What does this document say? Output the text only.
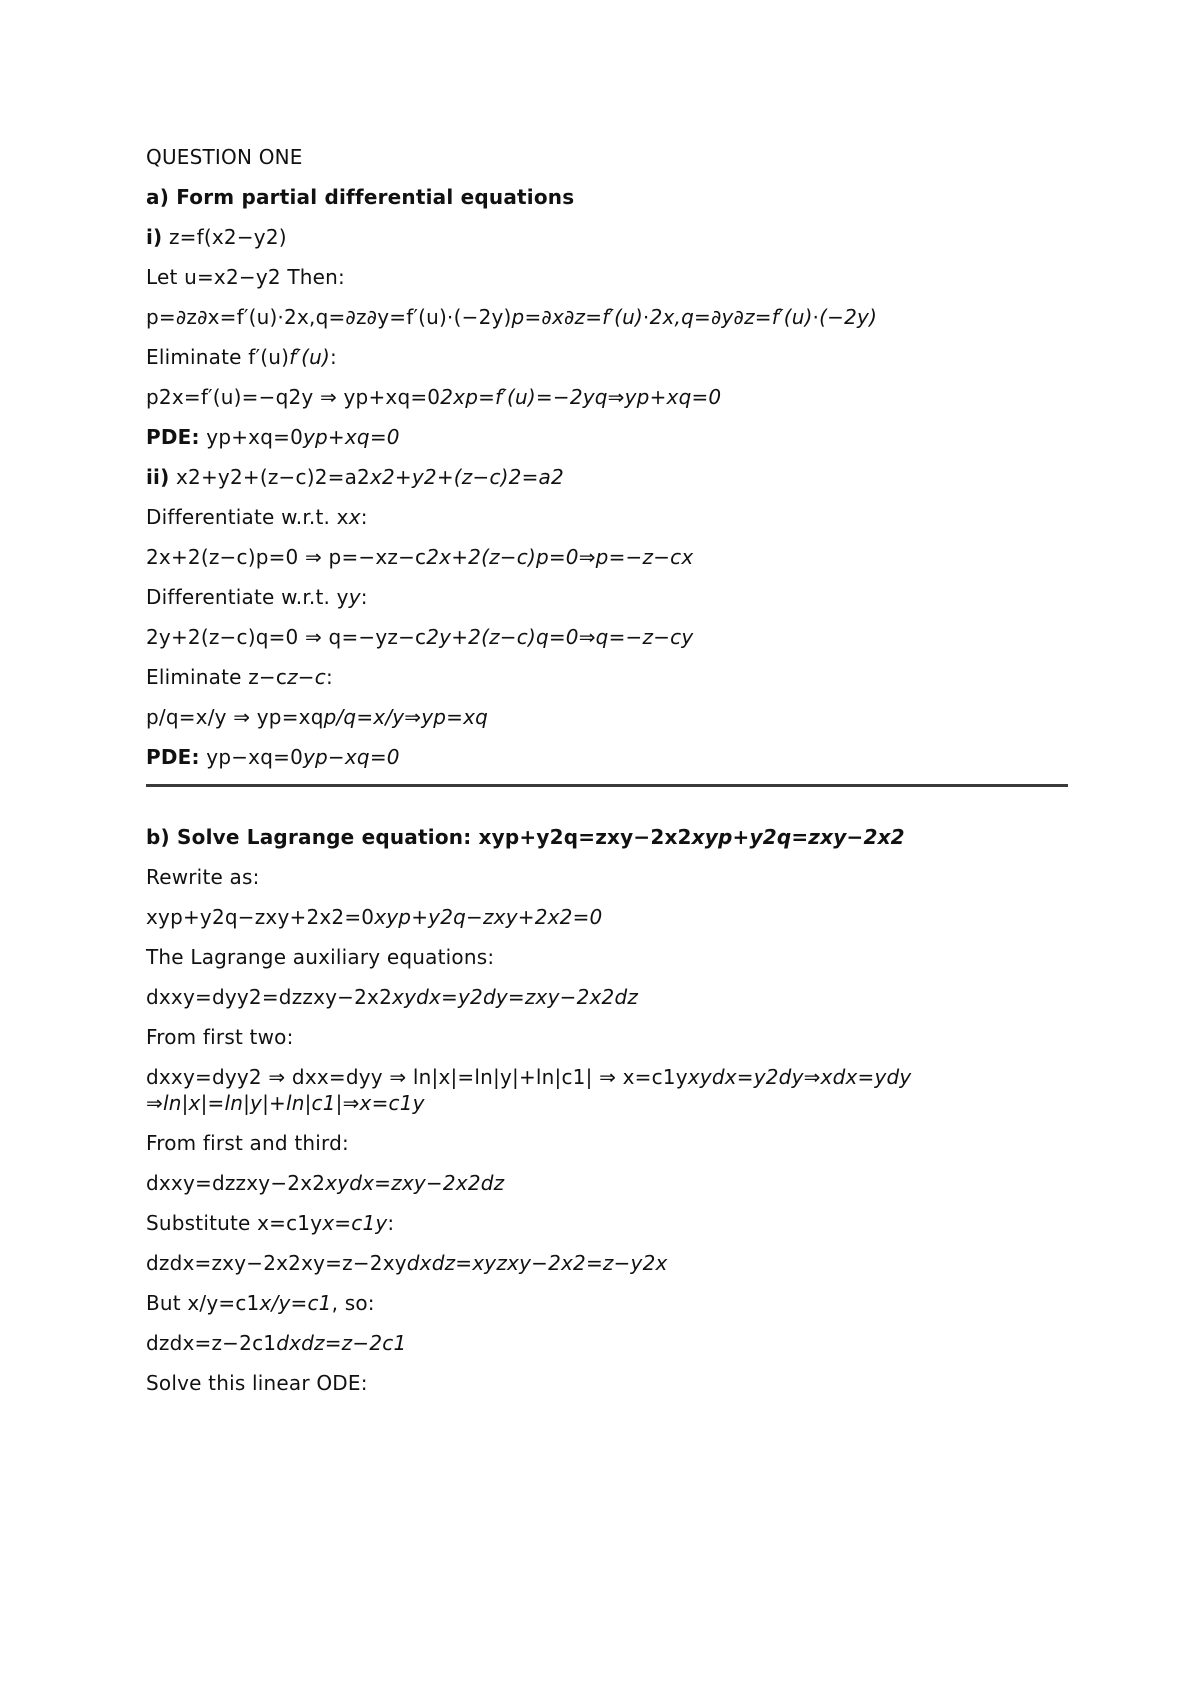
QUESTION ONE
a) Form partial differential equations
i) z=f(x2−y2)
Let u=x2−y2 Then:
p=∂z∂x=f′(u)⋅2x,q=∂z∂y=f′(u)⋅(−2y)p=∂x∂z=f′(u)⋅2x,q=∂y∂z=f′(u)⋅(−2y)
Eliminate f′(u)f′(u):
p2x=f′(u)=−q2y ⇒ yp+xq=02xp=f′(u)=−2yq⇒yp+xq=0
PDE: yp+xq=0yp+xq=0
ii) x2+y2+(z−c)2=a2x2+y2+(z−c)2=a2
Differentiate w.r.t. xx:
2x+2(z−c)p=0 ⇒ p=−xz−c2x+2(z−c)p=0⇒p=−z−cx
Differentiate w.r.t. yy:
2y+2(z−c)q=0 ⇒ q=−yz−c2y+2(z−c)q=0⇒q=−z−cy
Eliminate z−cz−c:
p/q=x/y ⇒ yp=xqp/q=x/y⇒yp=xq
PDE: yp−xq=0yp−xq=0
b) Solve Lagrange equation: xyp+y2q=zxy−2x2xyp+y2q=zxy−2x2
Rewrite as:
xyp+y2q−zxy+2x2=0xyp+y2q−zxy+2x2=0
The Lagrange auxiliary equations:
dxxy=dyy2=dzzxy−2x2xydx=y2dy=zxy−2x2dz
From first two:
dxxy=dyy2 ⇒ dxx=dyy ⇒ ln|x|=ln|y|+ln|c1| ⇒ x=c1yxydx=y2dy⇒xdx=ydy
⇒ln|x|=ln|y|+ln|c1|⇒x=c1y
From first and third:
dxxy=dzzxy−2x2xydx=zxy−2x2dz
Substitute x=c1yx=c1y:
dzdx=zxy−2x2xy=z−2xydxdz=xyzxy−2x2=z−y2x
But x/y=c1x/y=c1, so:
dzdx=z−2c1dxdz=z−2c1
Solve this linear ODE:
